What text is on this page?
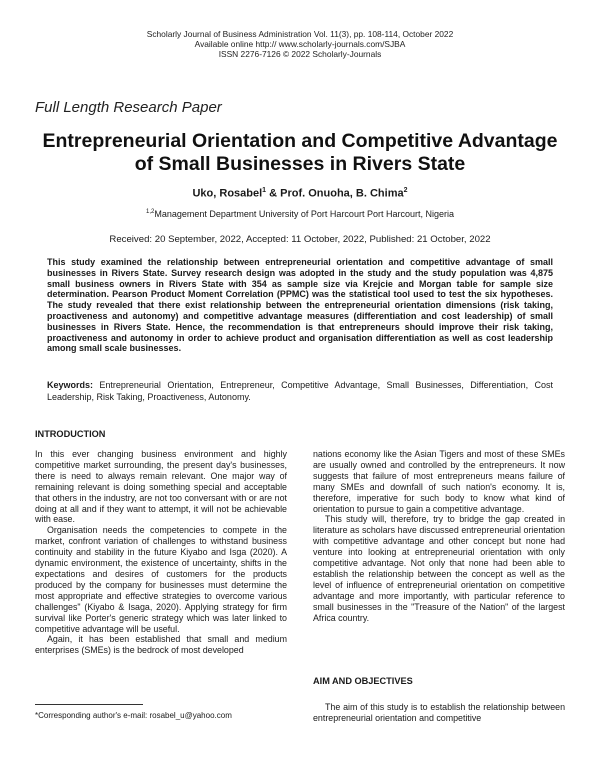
Scholarly Journal of Business Administration Vol. 11(3), pp. 108-114, October 2022
Available online http:// www.scholarly-journals.com/SJBA
ISSN 2276-7126 © 2022 Scholarly-Journals
Full Length Research Paper
Entrepreneurial Orientation and Competitive Advantage
of Small Businesses in Rivers State
Uko, Rosabel$^1$ & Prof. Onuoha, B. Chima$^2$
$^{1,2}$Management Department University of Port Harcourt Port Harcourt, Nigeria
Received: 20 September, 2022, Accepted: 11 October, 2022, Published: 21 October, 2022
This study examined the relationship between entrepreneurial orientation and competitive advantage of small businesses in Rivers State. Survey research design was adopted in the study and the study population was 4,875 small business owners in Rivers State with 354 as sample size via Krejcie and Morgan table for sample size determination. Pearson Product Moment Correlation (PPMC) was the statistical tool used to test the six hypotheses. The study revealed that there exist relationship between the entrepreneurial orientation dimensions (risk taking, proactiveness and autonomy) and competitive advantage measures (differentiation and cost leadership) of small businesses in Rivers State. Hence, the recommendation is that entrepreneurs should improve their risk taking, proactiveness and autonomy in order to achieve product and organisation differentiation as well as cost leadership among small scale businesses.
Keywords: Entrepreneurial Orientation, Entrepreneur, Competitive Advantage, Small Businesses, Differentiation, Cost Leadership, Risk Taking, Proactiveness, Autonomy.
INTRODUCTION

In this ever changing business environment and highly competitive market surrounding, the present day's businesses, there is need to always remain relevant. One major way of remaining relevant is doing something special and acceptable that others in the industry, are not too conversant with or are not doing at all and if they want to attempt, it will not be achievable with ease.

Organisation needs the competencies to compete in the market, confront variation of challenges to withstand business continuity and stability in the future Kiyabo and Isga (2020). A dynamic environment, the existence of uncertainty, shifts in the expectations and desires of customers for the products produced by the company for businesses must determine the most appropriate and effective strategies to overcome various challenges" (Kiyabo & Isaga, 2020). Applying strategy for firm survival like Porter's generic strategy which was later linked to competitive advantage will be useful.

Again, it has been established that small and medium enterprises (SMEs) is the bedrock of most developed

nations economy like the Asian Tigers and most of these SMEs are usually owned and controlled by the entrepreneurs. It now suggests that failure of most entrepreneurs means failure of many SMEs and downfall of such nation's economy. It is, therefore, imperative for such body to know what kind of orientation to pursue to gain a competitive advantage.

This study will, therefore, try to bridge the gap created in literature as scholars have discussed entrepreneurial orientation with competitive advantage and other concept but none had venture into looking at entrepreneurial orientation with only competitive advantage. Not only that none had been able to establish the relationship between the concept as well as the level of influence of entrepreneurial orientation on competitive advantage and more importantly, with particular reference to small businesses in the "Treasure of the Nation" of the largest Africa country.

AIM AND OBJECTIVES

The aim of this study is to establish the relationship between entrepreneurial orientation and competitive

*Corresponding author's e-mail: rosabel_u@yahoo.com
